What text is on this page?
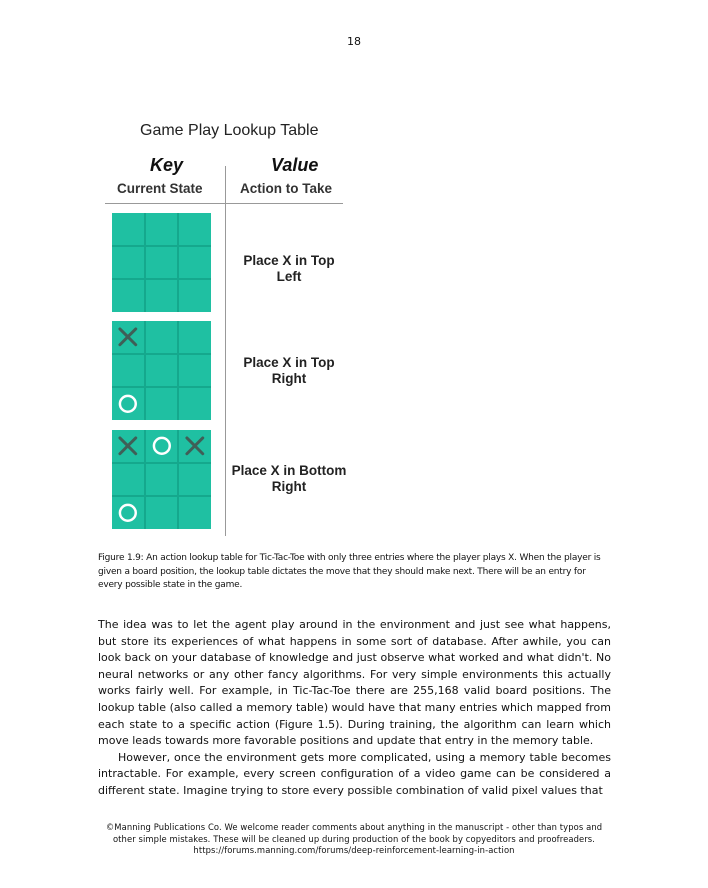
18
Game Play Lookup Table
Key
Current State
Value
Action to Take
Place X in Top Left
Place X in Top Right
Place X in Bottom Right
Figure 1.9: An action lookup table for Tic-Tac-Toe with only three entries where the player plays X. When the player is given a board position, the lookup table dictates the move that they should make next. There will be an entry for every possible state in the game.

The idea was to let the agent play around in the environment and just see what happens, but store its experiences of what happens in some sort of database. After awhile, you can look back on your database of knowledge and just observe what worked and what didn't. No neural networks or any other fancy algorithms. For very simple environments this actually works fairly well. For example, in Tic-Tac-Toe there are 255,168 valid board positions. The lookup table (also called a memory table) would have that many entries which mapped from each state to a specific action (Figure 1.5). During training, the algorithm can learn which move leads towards more favorable positions and update that entry in the memory table.

However, once the environment gets more complicated, using a memory table becomes intractable. For example, every screen configuration of a video game can be considered a different state. Imagine trying to store every possible combination of valid pixel values that

©Manning Publications Co. We welcome reader comments about anything in the manuscript - other than typos and
other simple mistakes. These will be cleaned up during production of the book by copyeditors and proofreaders.
https://forums.manning.com/forums/deep-reinforcement-learning-in-action
